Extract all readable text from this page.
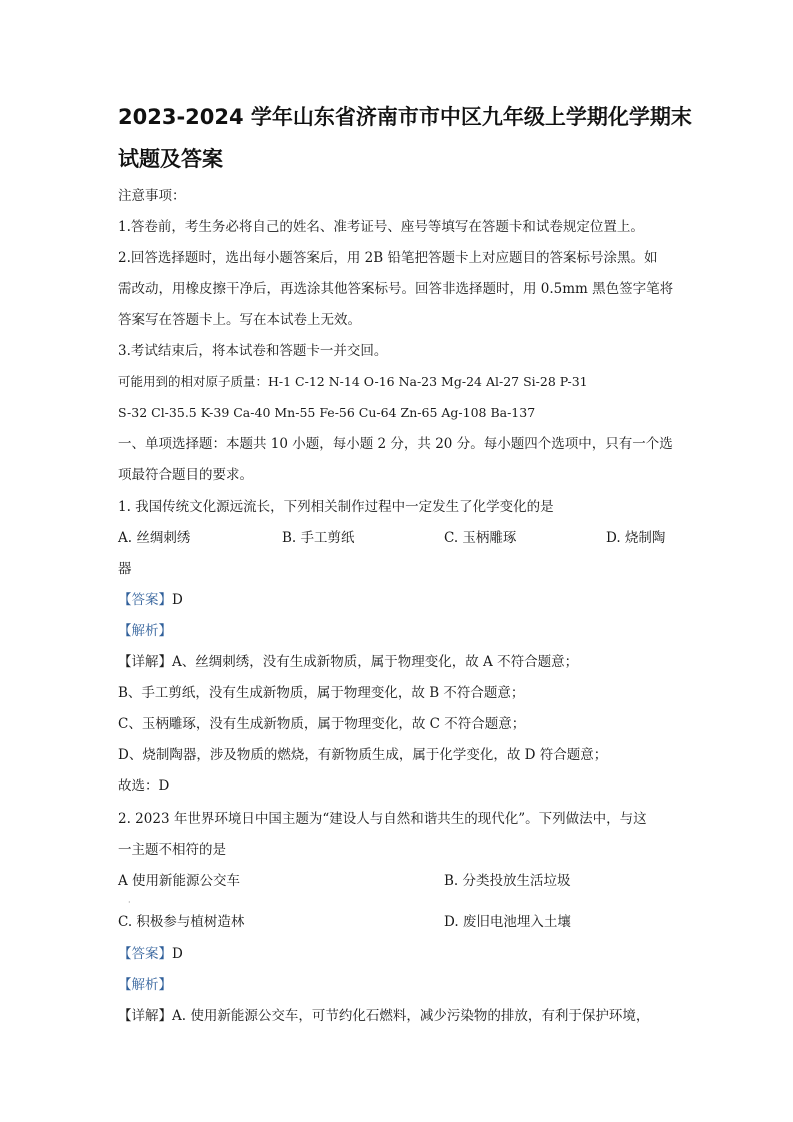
2023-2024 学年山东省济南市市中区九年级上学期化学期末
试题及答案
注意事项：
1.答卷前，考生务必将自己的姓名、准考证号、座号等填写在答题卡和试卷规定位置上。
2.回答选择题时，选出每小题答案后，用 2B 铅笔把答题卡上对应题目的答案标号涂黑。如
需改动，用橡皮擦干净后，再选涂其他答案标号。回答非选择题时，用 0.5mm 黑色签字笔将
答案写在答题卡上。写在本试卷上无效。
3.考试结束后，将本试卷和答题卡一并交回。
可能用到的相对原子质量：H-1 C-12 N-14 O-16 Na-23 Mg-24 Al-27 Si-28 P-31
S-32 Cl-35.5 K-39 Ca-40 Mn-55 Fe-56 Cu-64 Zn-65 Ag-108 Ba-137
一、单项选择题：本题共 10 小题，每小题 2 分，共 20 分。每小题四个选项中，只有一个选
项最符合题目的要求。
1. 我国传统文化源远流长，下列相关制作过程中一定发生了化学变化的是
A. 丝绸刺绣	B. 手工剪纸	C. 玉柄雕琢	D. 烧制陶
器
【答案】D
【解析】
【详解】A、丝绸刺绣，没有生成新物质，属于物理变化，故 A 不符合题意；
B、手工剪纸，没有生成新物质，属于物理变化，故 B 不符合题意；
C、玉柄雕琢，没有生成新物质，属于物理变化，故 C 不符合题意；
D、烧制陶器，涉及物质的燃烧，有新物质生成，属于化学变化，故 D 符合题意；
故选：D
2. 2023 年世界环境日中国主题为“建设人与自然和谐共生的现代化”。下列做法中，与这
一主题不相符的是
A 使用新能源公交车	B. 分类投放生活垃圾
·
C. 积极参与植树造林	D. 废旧电池埋入土壤
【答案】D
【解析】
【详解】A. 使用新能源公交车，可节约化石燃料，减少污染物的排放，有利于保护环境，
